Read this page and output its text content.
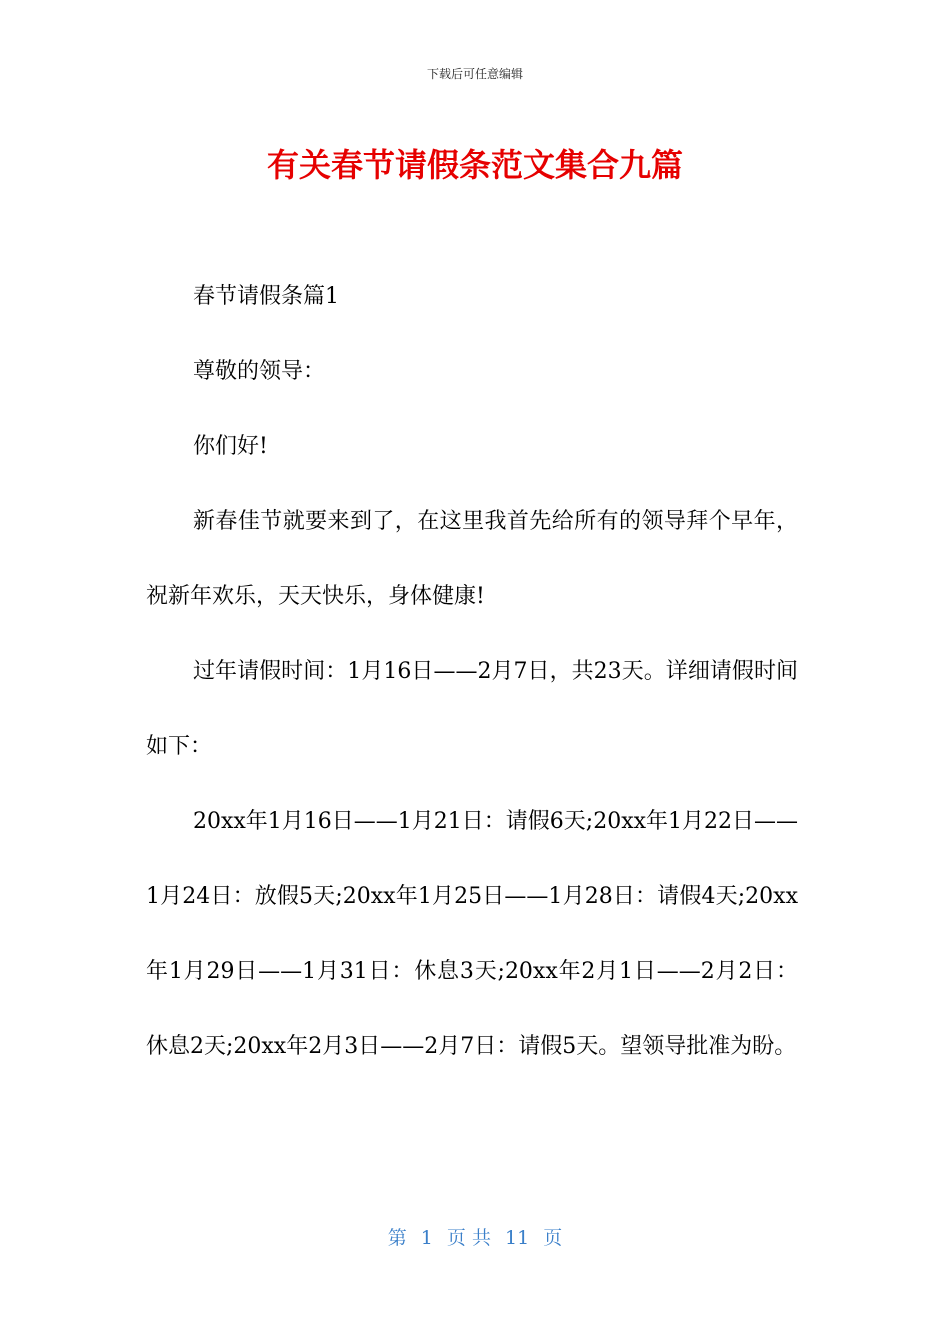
下载后可任意编辑
有关春节请假条范文集合九篇

春节请假条篇1

尊敬的领导：

你们好!

新春佳节就要来到了，在这里我首先给所有的领导拜个早年，祝新年欢乐，天天快乐，身体健康!

过年请假时间：1月16日——2月7日，共23天。详细请假时间如下：

20xx年1月16日——1月21日：请假6天;20xx年1月22日——1月24日：放假5天;20xx年1月25日——1月28日：请假4天;20xx年1月29日——1月31日：休息3天;20xx年2月1日——2月2日：休息2天;20xx年2月3日——2月7日：请假5天。望领导批准为盼。

第 1 页 共 11 页
